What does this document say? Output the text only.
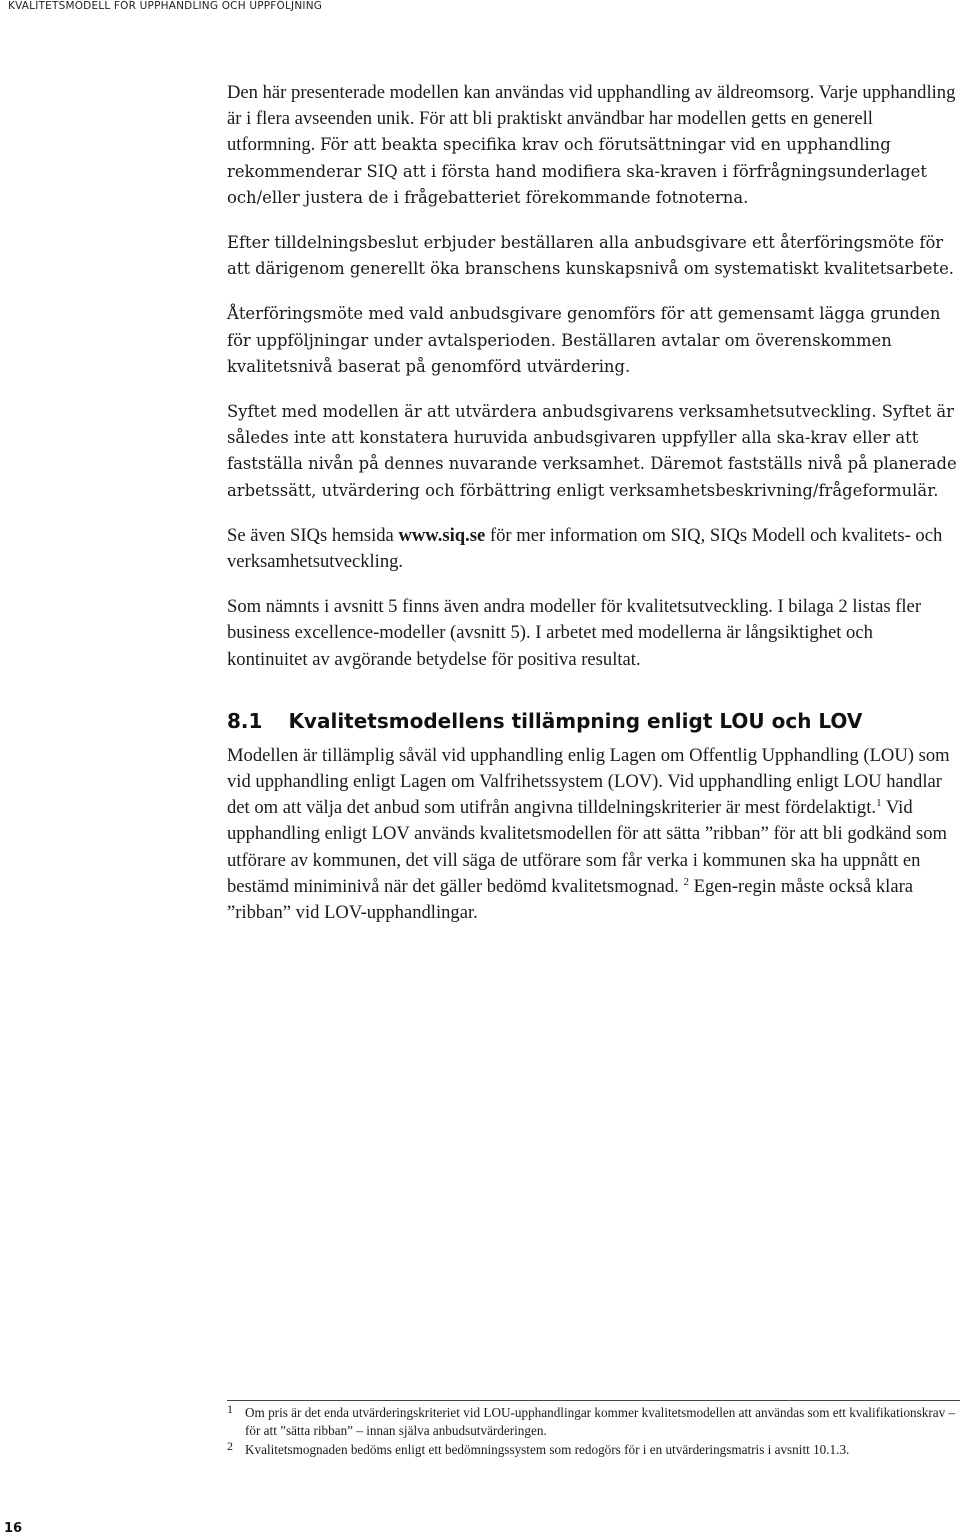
KVALITETSMODELL FÖR UPPHANDLING OCH UPPFÖLJNING

Den här presenterade modellen kan användas vid upphandling av äldreomsorg. Varje upphandling är i flera avseenden unik. För att bli praktiskt användbar har modellen getts en generell utformning. För att beakta specifika krav och förutsättningar vid en upphandling rekommenderar SIQ att i första hand modifiera ska-kraven i förfrågningsunderlaget och/eller justera de i frågebatteriet förekommande fotnoterna.

Efter tilldelningsbeslut erbjuder beställaren alla anbudsgivare ett återföringsmöte för att därigenom generellt öka branschens kunskapsnivå om systematiskt kvalitetsarbete.

Återföringsmöte med vald anbudsgivare genomförs för att gemensamt lägga grunden för uppföljningar under avtalsperioden. Beställaren avtalar om överenskommen kvalitetsnivå baserat på genomförd utvärdering.

Syftet med modellen är att utvärdera anbudsgivarens verksamhetsutveckling. Syftet är således inte att konstatera huruvida anbudsgivaren uppfyller alla ska-krav eller att fastställa nivån på dennes nuvarande verksamhet. Däremot fastställs nivå på planerade arbetssätt, utvärdering och förbättring enligt verksamhetsbeskrivning/frågeformulär.

Se även SIQs hemsida www.siq.se för mer information om SIQ, SIQs Modell och kvalitets- och verksamhetsutveckling.

Som nämnts i avsnitt 5 finns även andra modeller för kvalitetsutveckling. I bilaga 2 listas fler business excellence-modeller (avsnitt 5). I arbetet med modellerna är långsiktighet och kontinuitet av avgörande betydelse för positiva resultat.

8.1 Kvalitetsmodellens tillämpning enligt LOU och LOV

Modellen är tillämplig såväl vid upphandling enlig Lagen om Offentlig Upphandling (LOU) som vid upphandling enligt Lagen om Valfrihetssystem (LOV). Vid upphandling enligt LOU handlar det om att välja det anbud som utifrån angivna tilldelningskriterier är mest fördelaktigt.$^1$ Vid upphandling enligt LOV används kvalitetsmodellen för att sätta ”ribban” för att bli godkänd som utförare av kommunen, det vill säga de utförare som får verka i kommunen ska ha uppnått en bestämd miniminivå när det gäller bedömd kvalitetsmognad. $^2$ Egen-regin måste också klara ”ribban” vid LOV-upphandlingar.

1 Om pris är det enda utvärderingskriteriet vid LOU-upphandlingar kommer kvalitetsmodellen att användas som ett kvalifikationskrav – för att ”sätta ribban” – innan själva anbudsutvärderingen.
2 Kvalitetsmognaden bedöms enligt ett bedömningssystem som redogörs för i en utvärderingsmatris i avsnitt 10.1.3.
16
